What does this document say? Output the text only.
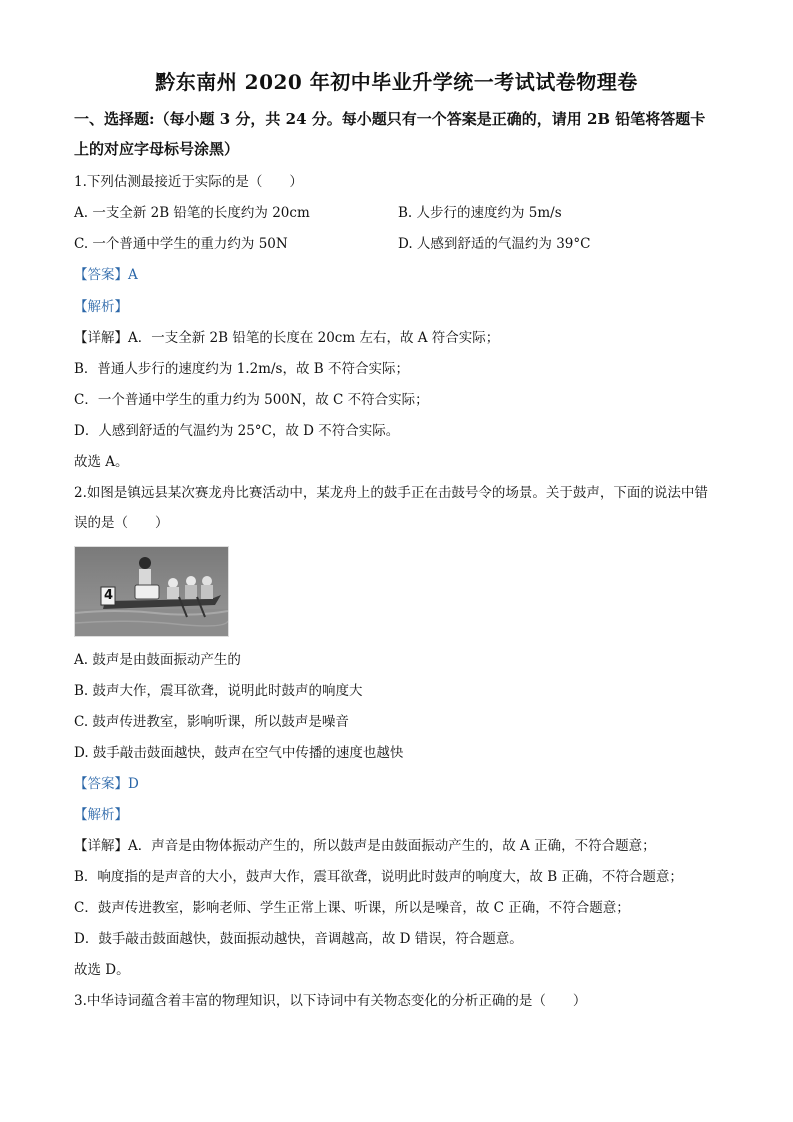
黔东南州 2020 年初中毕业升学统一考试试卷物理卷
一、选择题:（每小题 3 分，共 24 分。每小题只有一个答案是正确的，请用 2B 铅笔将答题卡
上的对应字母标号涂黑）
1.下列估测最接近于实际的是（　　）
A. 一支全新 2B 铅笔的长度约为 20cm	B. 人步行的速度约为 5m/s
C. 一个普通中学生的重力约为 50N	D. 人感到舒适的气温约为 39°C
【答案】A
【解析】
【详解】A．一支全新 2B 铅笔的长度在 20cm 左右，故 A 符合实际；
B．普通人步行的速度约为 1.2m/s，故 B 不符合实际；
C．一个普通中学生的重力约为 500N，故 C 不符合实际；
D．人感到舒适的气温约为 25°C，故 D 不符合实际。
故选 A。
2.如图是镇远县某次赛龙舟比赛活动中，某龙舟上的鼓手正在击鼓号令的场景。关于鼓声，下面的说法中错
误的是（　　）
4
A. 鼓声是由鼓面振动产生的
B. 鼓声大作，震耳欲聋，说明此时鼓声的响度大
C. 鼓声传进教室，影响听课，所以鼓声是噪音
D. 鼓手敲击鼓面越快，鼓声在空气中传播的速度也越快
【答案】D
【解析】
【详解】A．声音是由物体振动产生的，所以鼓声是由鼓面振动产生的，故 A 正确，不符合题意；
B．响度指的是声音的大小，鼓声大作，震耳欲聋，说明此时鼓声的响度大，故 B 正确，不符合题意；
C．鼓声传进教室，影响老师、学生正常上课、听课，所以是噪音，故 C 正确，不符合题意；
D．鼓手敲击鼓面越快，鼓面振动越快，音调越高，故 D 错误，符合题意。
故选 D。
3.中华诗词蕴含着丰富的物理知识，以下诗词中有关物态变化的分析正确的是（　　）
